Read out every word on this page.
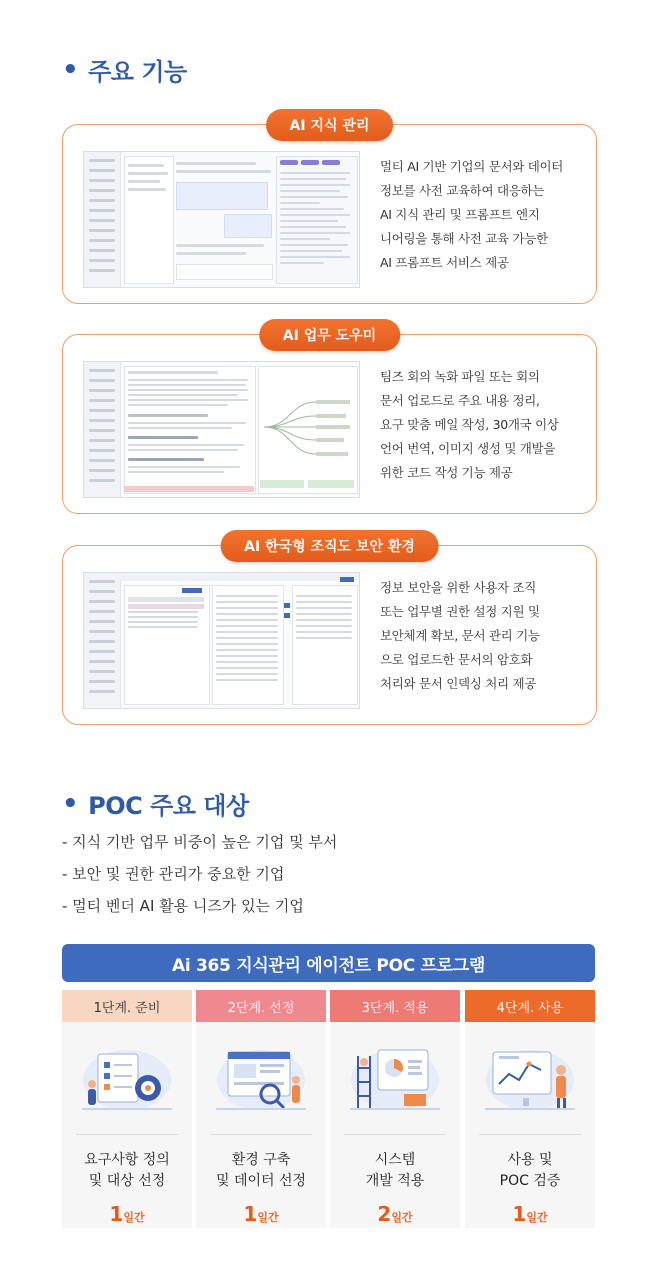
• 주요 기능
AI 지식 관리
멀티 AI 기반 기업의 문서와 데이터
정보를 사전 교육하여 대응하는
AI 지식 관리 및 프롬프트 엔지
니어링을 통해 사전 교육 가능한
AI 프롬프트 서비스 제공
AI 업무 도우미
팀즈 회의 녹화 파일 또는 회의
문서 업로드로 주요 내용 정리,
요구 맞춤 메일 작성, 30개국 이상
언어 번역, 이미지 생성 및 개발을
위한 코드 작성 기능 제공
AI 한국형 조직도 보안 환경
정보 보안을 위한 사용자 조직
또는 업무별 권한 설정 지원 및
보안체계 확보, 문서 관리 기능
으로 업로드한 문서의 암호화
처리와 문서 인덱싱 처리 제공
• POC 주요 대상
- 지식 기반 업무 비중이 높은 기업 및 부서
- 보안 및 권한 관리가 중요한 기업
- 멀티 벤더 AI 활용 니즈가 있는 기업
Ai 365 지식관리 에이전트 POC 프로그램
1단계. 준비
요구사항 정의
및 대상 선정
1일간
2단계. 선정
환경 구축
및 데이터 선정
1일간
3단계. 적용
시스템
개발 적용
2일간
4단계. 사용
사용 및
POC 검증
1일간
